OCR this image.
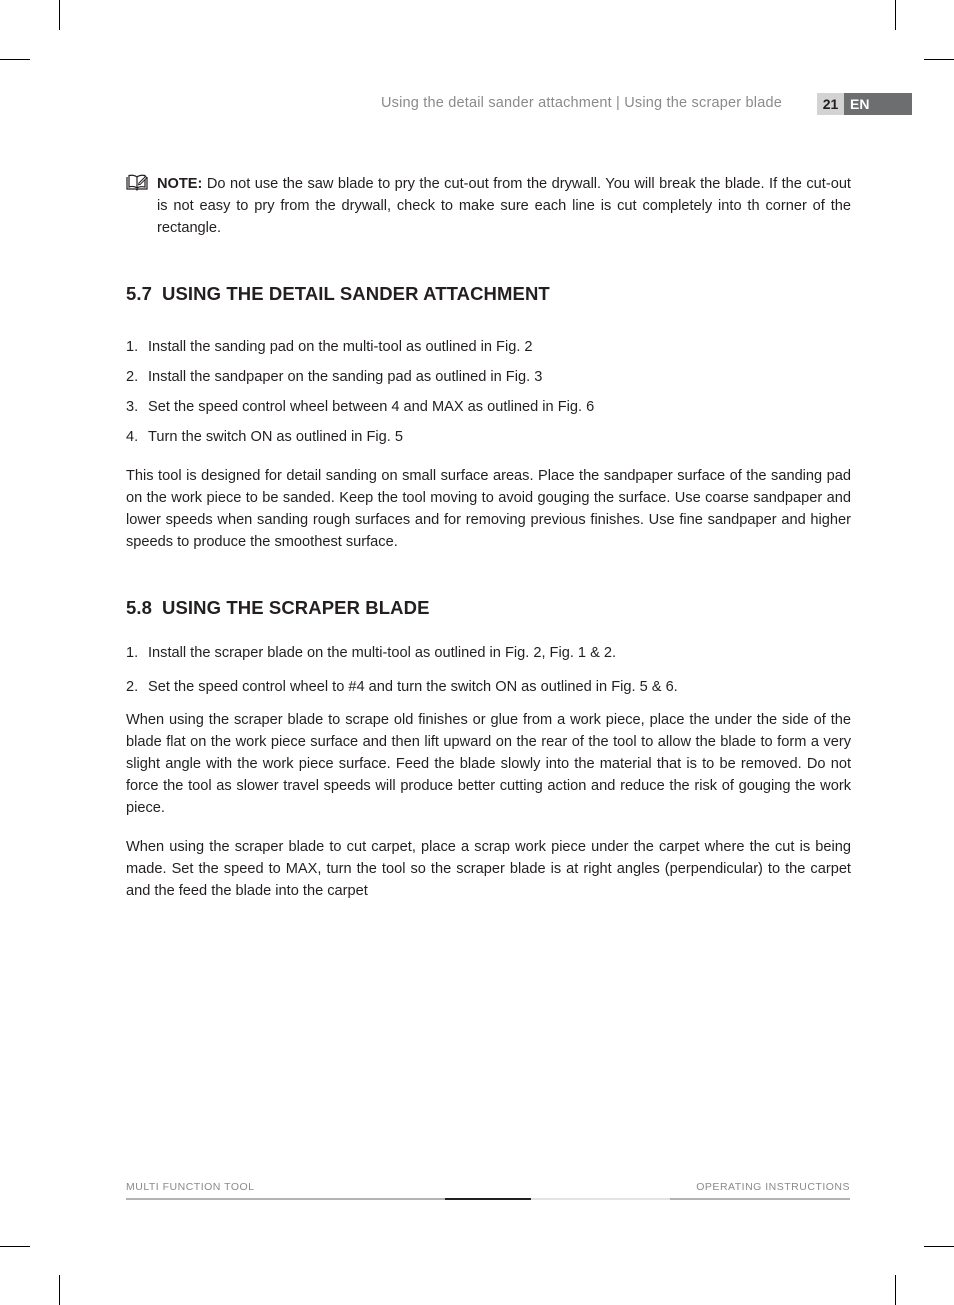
Using the detail sander attachment | Using the scraper blade	21 EN
NOTE: Do not use the saw blade to pry the cut-out from the drywall. You will break the blade. If the cut-out is not easy to pry from the drywall, check to make sure each line is cut completely into th corner of the rectangle.
5.7 USING THE DETAIL SANDER ATTACHMENT
1. Install the sanding pad on the multi-tool as outlined in Fig. 2
2. Install the sandpaper on the sanding pad as outlined in Fig. 3
3. Set the speed control wheel between 4 and MAX as outlined in Fig. 6
4. Turn the switch ON as outlined in Fig. 5

This tool is designed for detail sanding on small surface areas. Place the sandpaper surface of the sanding pad on the work piece to be sanded. Keep the tool moving to avoid gouging the surface. Use coarse sandpaper and lower speeds when sanding rough surfaces and for removing previous finishes. Use fine sandpaper and higher speeds to produce the smoothest surface.

5.8 USING THE SCRAPER BLADE
1. Install the scraper blade on the multi-tool as outlined in Fig. 2, Fig. 1 & 2.
2. Set the speed control wheel to #4 and turn the switch ON as outlined in Fig. 5 & 6.

When using the scraper blade to scrape old finishes or glue from a work piece, place the under the side of the blade flat on the work piece surface and then lift upward on the rear of the tool to allow the blade to form a very slight angle with the work piece surface. Feed the blade slowly into the material that is to be removed. Do not force the tool as slower travel speeds will produce better cutting action and reduce the risk of gouging the work piece.

When using the scraper blade to cut carpet, place a scrap work piece under the carpet where the cut is being made. Set the speed to MAX, turn the tool so the scraper blade is at right angles (perpendicular) to the carpet and the feed the blade into the carpet

MULTI FUNCTION TOOL	OPERATING INSTRUCTIONS
